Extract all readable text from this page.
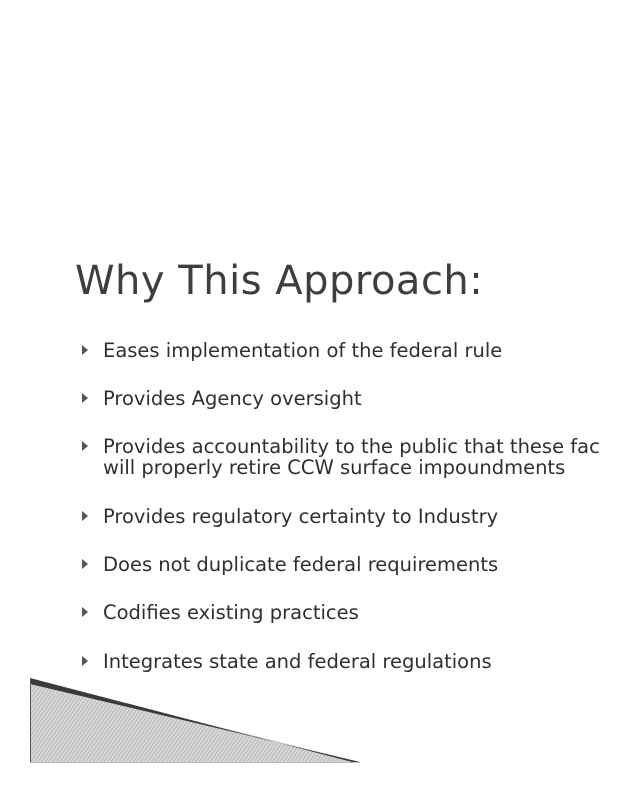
Why This Approach:
Eases implementation of the federal rule
Provides Agency oversight
Provides accountability to the public that these fac
will properly retire CCW surface impoundments
Provides regulatory certainty to Industry
Does not duplicate federal requirements
Codifies existing practices
Integrates state and federal regulations
